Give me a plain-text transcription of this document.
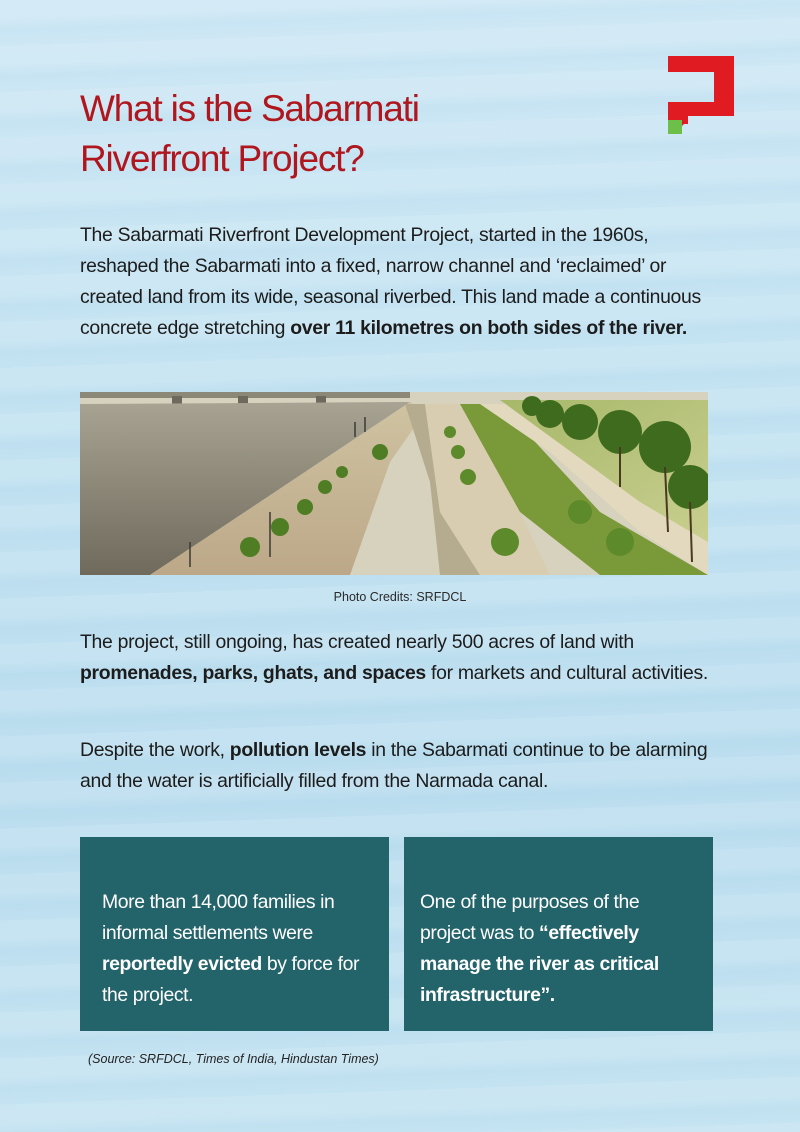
What is the Sabarmati
Riverfront Project?

The Sabarmati Riverfront Development Project, started in the 1960s, reshaped the Sabarmati into a fixed, narrow channel and ‘reclaimed’ or created land from its wide, seasonal riverbed. This land made a continuous concrete edge stretching over 11 kilometres on both sides of the river.

Photo Credits: SRFDCL

The project, still ongoing, has created nearly 500 acres of land with promenades, parks, ghats, and spaces for markets and cultural activities.

Despite the work, pollution levels in the Sabarmati continue to be alarming and the water is artificially filled from the Narmada canal.

More than 14,000 families in informal settlements were reportedly evicted by force for the project.

One of the purposes of the project was to “effectively manage the river as critical infrastructure”.

(Source: SRFDCL, Times of India, Hindustan Times)
